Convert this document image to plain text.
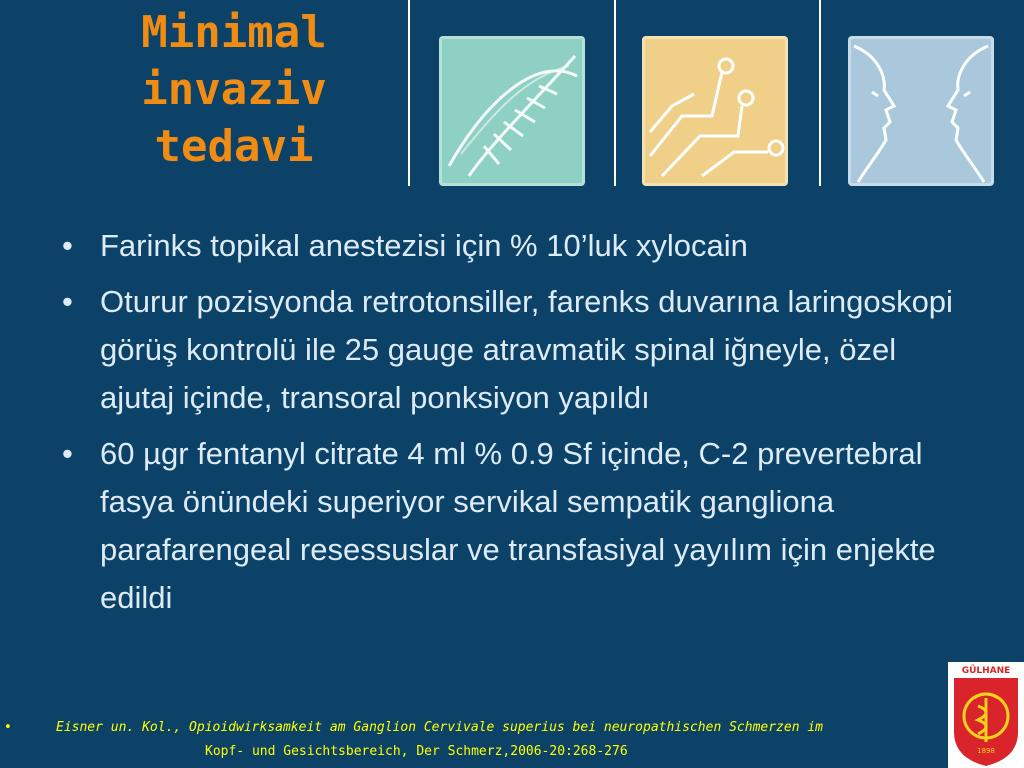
Minimal
invaziv
tedavi
• Farinks topikal anestezisi için % 10’luk xylocain
• Oturur pozisyonda retrotonsiller, farenks duvarına laringoskopi görüş kontrolü ile 25 gauge atravmatik spinal iğneyle, özel ajutaj içinde, transoral ponksiyon yapıldı
• 60 µgr fentanyl citrate 4 ml % 0.9 Sf içinde, C-2 prevertebral fasya önündeki superiyor servikal sempatik gangliona parafarengeal resessuslar ve transfasiyal yayılım için enjekte edildi
•	Eisner un. Kol., Opioidwirksamkeit am Ganglion Cervivale superius bei neuropathischen Schmerzen im
Kopf- und Gesichtsbereich, Der Schmerz,2006-20:268-276
GÜLHANE
1898
